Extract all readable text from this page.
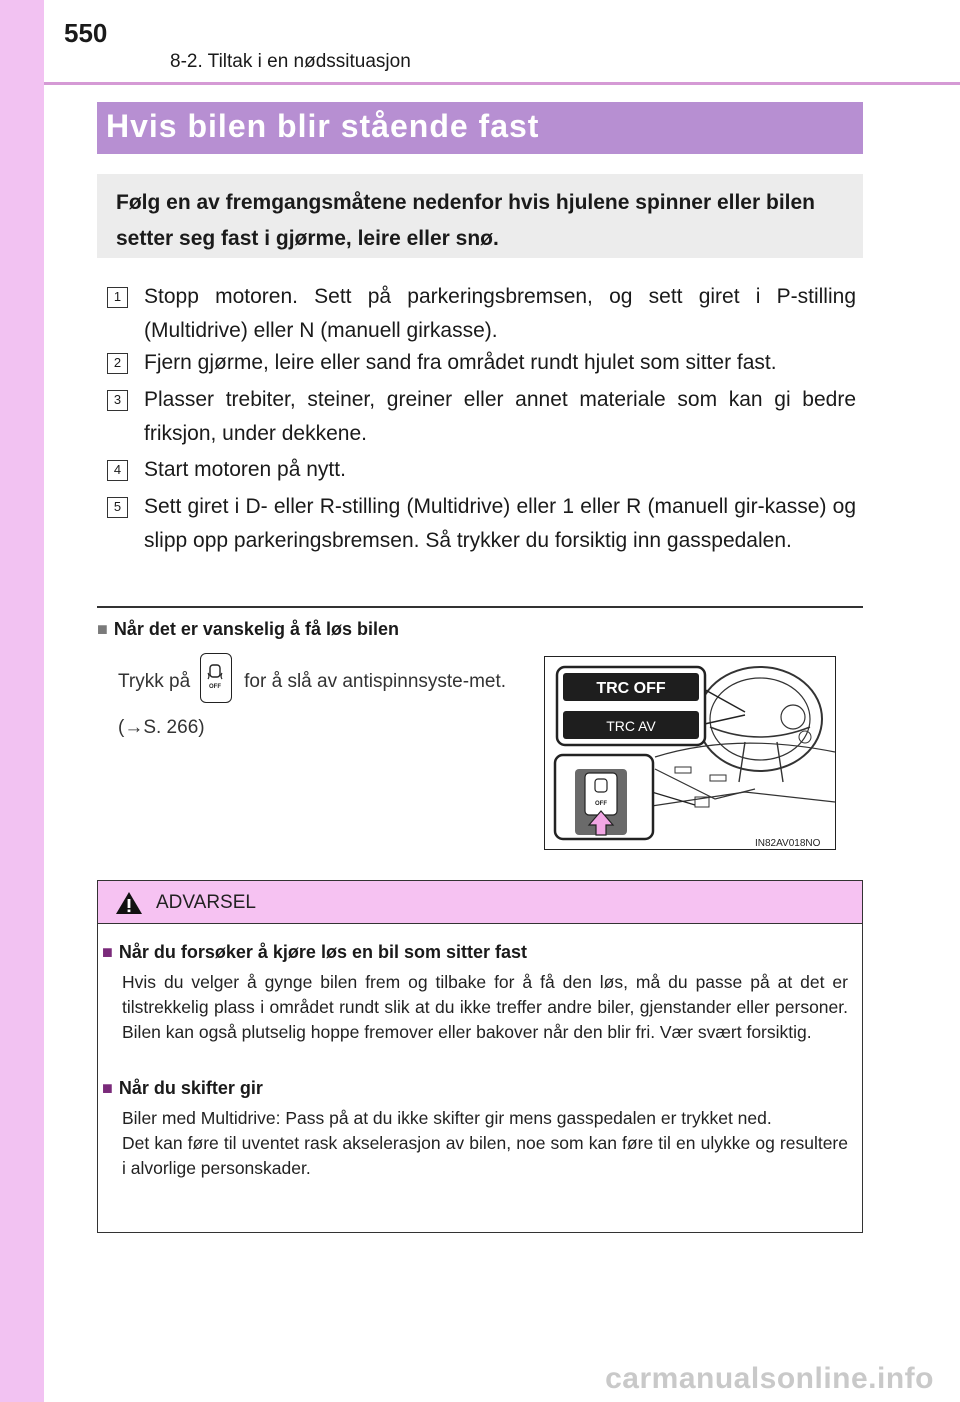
550
8-2. Tiltak i en nødssituasjon
Hvis bilen blir stående fast
Følg en av fremgangsmåtene nedenfor hvis hjulene spinner eller bilen setter seg fast i gjørme, leire eller snø.
1	Stopp motoren. Sett på parkeringsbremsen, og sett giret i P-stilling (Multidrive) eller N (manuell girkasse).
2	Fjern gjørme, leire eller sand fra området rundt hjulet som sitter fast.
3	Plasser trebiter, steiner, greiner eller annet materiale som kan gi bedre friksjon, under dekkene.
4	Start motoren på nytt.
5	Sett giret i D- eller R-stilling (Multidrive) eller 1 eller R (manuell gir-kasse) og slipp opp parkeringsbremsen. Så trykker du forsiktig inn gasspedalen.
■ Når det er vanskelig å få løs bilen
Trykk på	OFF for å slå av antispinnsyste-met. (→S. 266)
TRC OFF
TRC AV
OFF
IN82AV018NO
ADVARSEL
■ Når du forsøker å kjøre løs en bil som sitter fast

Hvis du velger å gynge bilen frem og tilbake for å få den løs, må du passe på at det er tilstrekkelig plass i området rundt slik at du ikke treffer andre biler, gjenstander eller personer. Bilen kan også plutselig hoppe fremover eller bakover når den blir fri. Vær svært forsiktig.

■ Når du skifter gir

Biler med Multidrive: Pass på at du ikke skifter gir mens gasspedalen er trykket ned.

Det kan føre til uventet rask akselerasjon av bilen, noe som kan føre til en ulykke og resultere i alvorlige personskader.

carmanualsonline.info
